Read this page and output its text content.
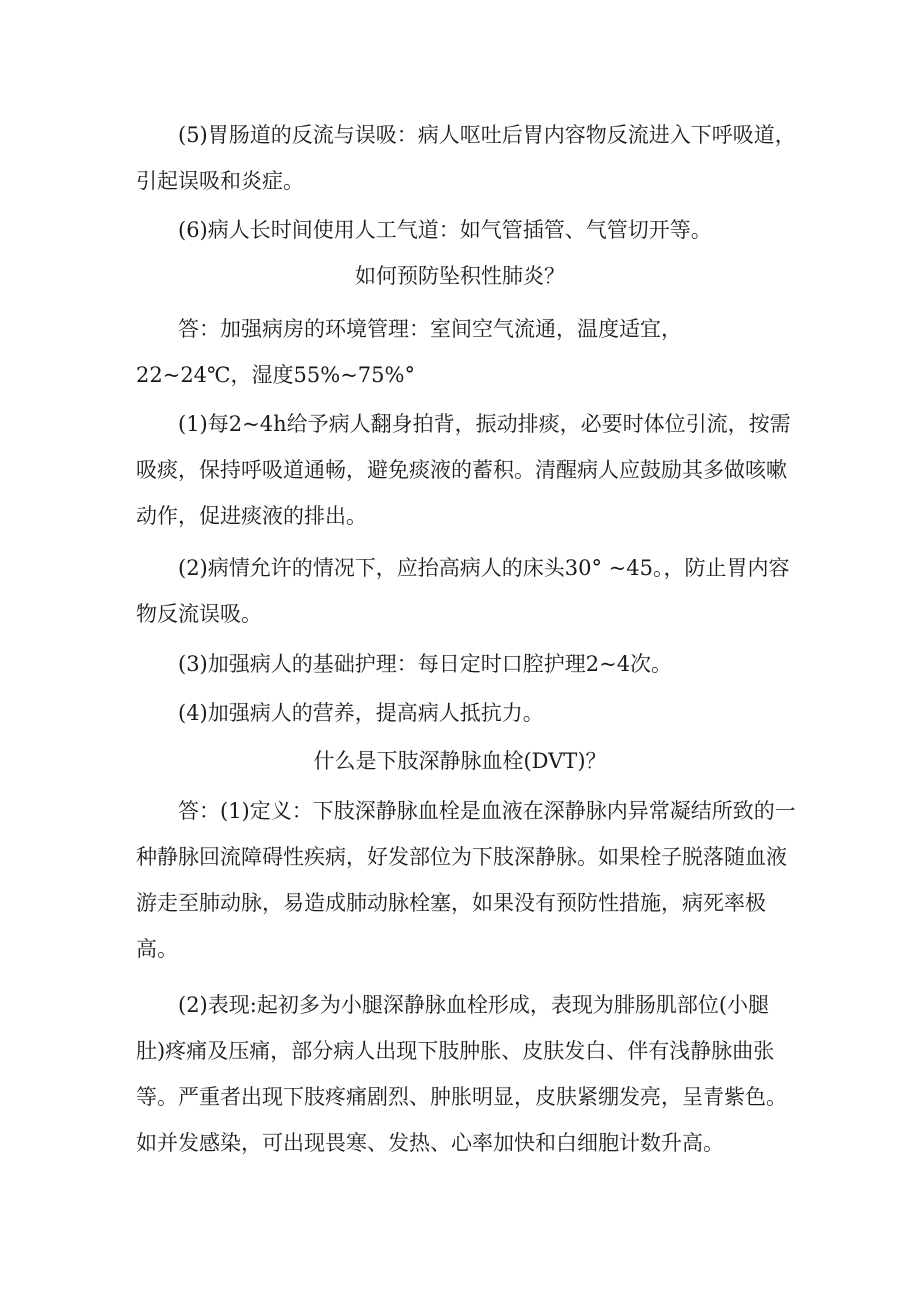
(5)胃肠道的反流与误吸：病人呕吐后胃内容物反流进入下呼吸道，引起误吸和炎症。
(6)病人长时间使用人工气道：如气管插管、气管切开等。
如何预防坠积性肺炎？
答：加强病房的环境管理：室间空气流通，温度适宜，22~24℃，湿度55%~75%°
(1)每2~4h给予病人翻身拍背，振动排痰，必要时体位引流，按需吸痰，保持呼吸道通畅，避免痰液的蓄积。清醒病人应鼓励其多做咳嗽动作，促进痰液的排出。
(2)病情允许的情况下，应抬高病人的床头30° ~45。，防止胃内容物反流误吸。
(3)加强病人的基础护理：每日定时口腔护理2~4次。
(4)加强病人的营养，提高病人抵抗力。
什么是下肢深静脉血栓(DVT)？
答：(1)定义：下肢深静脉血栓是血液在深静脉内异常凝结所致的一种静脉回流障碍性疾病，好发部位为下肢深静脉。如果栓子脱落随血液游走至肺动脉，易造成肺动脉栓塞，如果没有预防性措施，病死率极高。
(2)表现:起初多为小腿深静脉血栓形成，表现为腓肠肌部位(小腿肚)疼痛及压痛，部分病人出现下肢肿胀、皮肤发白、伴有浅静脉曲张等。严重者出现下肢疼痛剧烈、肿胀明显，皮肤紧绷发亮，呈青紫色。如并发感染，可出现畏寒、发热、心率加快和白细胞计数升高。
